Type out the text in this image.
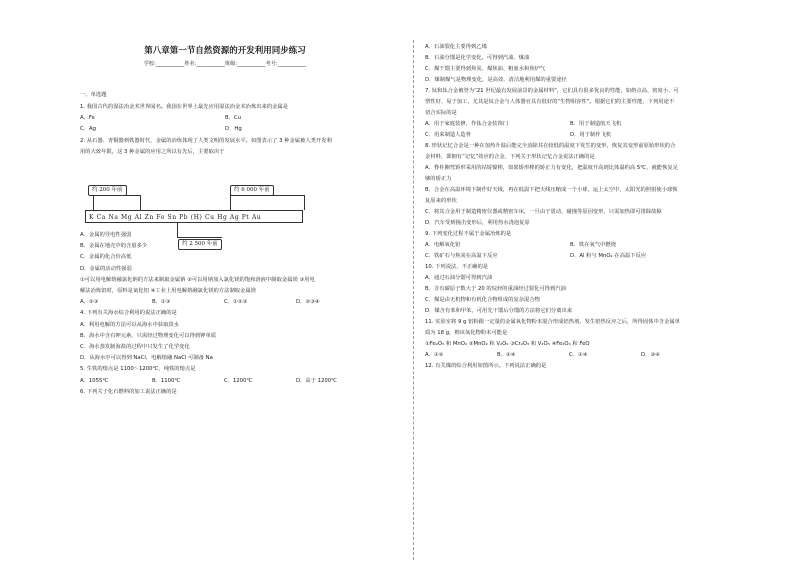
第八章第一节自然资源的开发利用同步练习
学校:___________姓名:___________班级:___________考号:___________
一、单选题
1. 我国古代的湿法冶金术世界闻名。我国在世界上最先应用湿法冶金术冶炼出来的金属是
A．Fe	B．Cu
C．Ag	D．Hg
2. 从石器、青铜器到铁器时代，金属的冶炼体现了人类文明的发展水平。如图表示了 3 种金属被人类开发利
用的大致年限，这 3 种金属的应用之所以有先后，主要取决于
A．金属的导电性强弱
B．金属在地壳中的含量多少
C．金属的化合价高低
D．金属的活动性强弱
①可以用电解熔融氯化钠的方法来制取金属钠 ②可以用钠加入氯化镁的饱和溶液中制取金属镁 ③用电
解法冶炼铝时，原料是氯化铝 ④工业上用电解熔融氯化镁的方法制取金属镁
A．②③	B．①③	C．①②③	D．②③④
4. 下列有关海水综合利用的说法正确的是
A．利用电解的方法可以从海水中获取淡水
B．海水中含有钾元素，只需经过物理变化可以得到钾单质
C．海水蒸发制海盐的过程中只发生了化学变化
D．从海水中可以得到 NaCl，电解熔融 NaCl 可制备 Na
5. 生铁的熔点是 1100～1200℃，纯铁的熔点是
A．1055℃	B．1100℃	C．1200℃	D．高于 1200℃
6. 下列关于化石燃料的加工说法正确的是
A．石油裂化主要得到乙烯
B．石油分馏是化学变化，可得到汽油、煤油
C．煤干馏主要得到焦炭、煤焦油、粗氨水和焦炉气
D．煤制煤气是物理变化，是高效、清洁地利用煤的重要途径
7. 钛和钛合金被誉为“21 世纪最有发展前景的金属材料”，它们具有很多优良的性能，如熔点高、密度小、可
塑性好、易于加工，尤其是钛合金与人体器官具有很好的“生物相容性”。根据它们的主要性能，下列用途不
切合实际的是
A．用于家庭装修，作钛合金装饰门	B．用于制造航天飞机
C．用来制造人造骨	D．用于制作飞机
8. 形状记忆合金是一种在加热升温后能完全消除其在较低的温度下发生的变形，恢复其变形前原始形状的合
金材料，即拥有“记忆”效应的合金，下列关于形状记忆合金说法正确的是
A．脊柱侧弯矫形采用的钴锭镍棒，如果矫形棒的矫正力有变化，把温度升高到比体温约高 5℃，就能恢复足
够的矫正力
B．合金在高温环境下制作好天线，再在低温下把天线压缩成一个小球，运上太空中，太阳光的照射使小球恢
复原来的形状
C．将其合金用于制造精密仪器或精密车床，一旦由于震动，碰撞等原因变形，只需加热即可排除故障
D．汽车受到撞击变形后，利用热水浇泡复原
9. 下列变化过程不属于金属冶炼的是
A．电解氧化铝	B．铁在氧气中燃烧
C．铁矿石与焦炭在高温下反应	D．Al 粉与 MnO₂ 在高温下反应
10. 下列说法，不正确的是
A．通过石油分馏可得到汽油
B．含有碳原子数大于 20 的烷烃的重油经过裂化可得到汽油
C．煤是由无机物和有机化合物组成的复杂混合物
D．煤含有苯和甲苯，可用先干馏后分馏的方法将它们分离出来
11. 实验室将 9 g 铝粉跟一定量的金属氧化物粉末混合形成铝热剂。发生铝热反应之后，所得固体中含金属单
质为 18 g，则该氧化物粉末可能是
①Fe₂O₃ 和 MnO₂ ②MnO₂ 和 V₂O₅ ③Cr₂O₃ 和 V₂O₅ ④Fe₃O₄ 和 FeO
A．①②	B．②④	C．①④	D．③④
12. 有关煤的综合利用如图所示。下列说法正确的是
约 200 年前	约 6 000 年前
K Ca Na Mg Al Zn Fe Sn Pb (H) Cu Hg Ag Pt Au
约 2 500 年前
